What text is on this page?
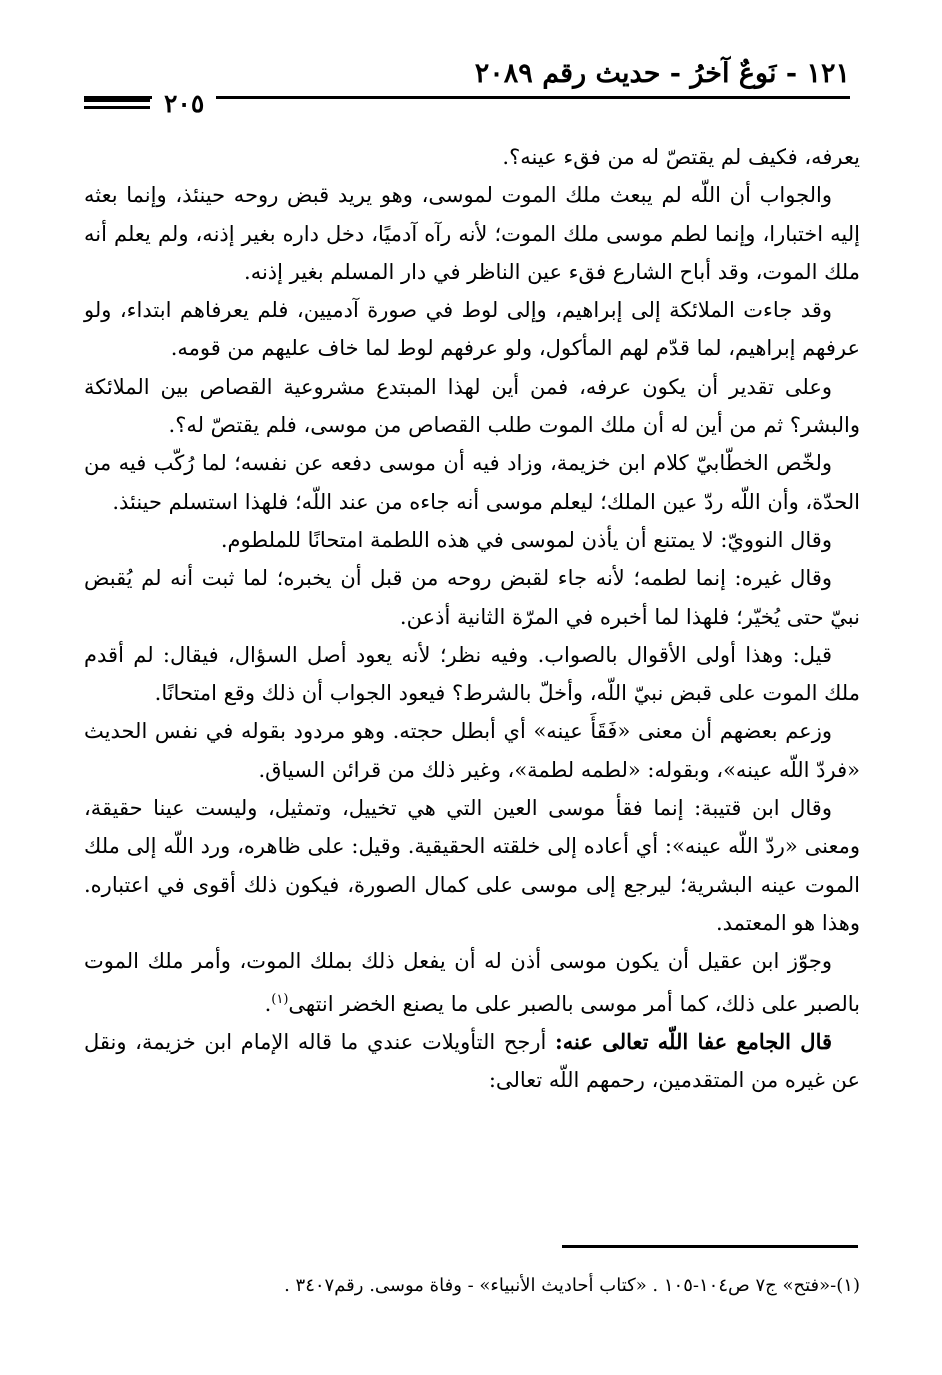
١٢١ - نَوعٌ آخرُ - حديث رقم ٢٠٨٩
٢٠٥

يعرفه، فكيف لم يقتصّ له من فقء عينه؟.

والجواب أن اللّه لم يبعث ملك الموت لموسى، وهو يريد قبض روحه حينئذ، وإنما بعثه إليه اختبارا، وإنما لطم موسى ملك الموت؛ لأنه رآه آدميًا، دخل داره بغير إذنه، ولم يعلم أنه ملك الموت، وقد أباح الشارع فقء عين الناظر في دار المسلم بغير إذنه.

وقد جاءت الملائكة إلى إبراهيم، وإلى لوط في صورة آدميين، فلم يعرفاهم ابتداء، ولو عرفهم إبراهيم، لما قدّم لهم المأكول، ولو عرفهم لوط لما خاف عليهم من قومه.

وعلى تقدير أن يكون عرفه، فمن أين لهذا المبتدع مشروعية القصاص بين الملائكة والبشر؟ ثم من أين له أن ملك الموت طلب القصاص من موسى، فلم يقتصّ له؟.

ولخّص الخطّابيّ كلام ابن خزيمة، وزاد فيه أن موسى دفعه عن نفسه؛ لما رُكّب فيه من الحدّة، وأن اللّه ردّ عين الملك؛ ليعلم موسى أنه جاءه من عند اللّه؛ فلهذا استسلم حينئذ.

وقال النوويّ: لا يمتنع أن يأذن لموسى في هذه اللطمة امتحانًا للملطوم.

وقال غيره: إنما لطمه؛ لأنه جاء لقبض روحه من قبل أن يخبره؛ لما ثبت أنه لم يُقبض نبيّ حتى يُخيّر؛ فلهذا لما أخبره في المرّة الثانية أذعن.

قيل: وهذا أولى الأقوال بالصواب. وفيه نظر؛ لأنه يعود أصل السؤال، فيقال: لم أقدم ملك الموت على قبض نبيّ اللّه، وأخلّ بالشرط؟ فيعود الجواب أن ذلك وقع امتحانًا.

وزعم بعضهم أن معنى «فَقَأَ عينه» أي أبطل حجته. وهو مردود بقوله في نفس الحديث «فردّ اللّه عينه»، وبقوله: «لطمه لطمة»، وغير ذلك من قرائن السياق.

وقال ابن قتيبة: إنما فقأ موسى العين التي هي تخييل، وتمثيل، وليست عينا حقيقة، ومعنى «ردّ اللّه عينه»: أي أعاده إلى خلقته الحقيقية. وقيل: على ظاهره، ورد اللّه إلى ملك الموت عينه البشرية؛ ليرجع إلى موسى على كمال الصورة، فيكون ذلك أقوى في اعتباره. وهذا هو المعتمد.

وجوّز ابن عقيل أن يكون موسى أذن له أن يفعل ذلك بملك الموت، وأمر ملك الموت بالصبر على ذلك، كما أمر موسى بالصبر على ما يصنع الخضر انتهى$^{(١)}$.

قال الجامع عفا اللّه تعالى عنه: أرجح التأويلات عندي ما قاله الإمام ابن خزيمة، ونقل عن غيره من المتقدمين، رحمهم اللّه تعالى:

(١)-«فتح» ج٧ ص١٠٤-١٠٥ . «كتاب أحاديث الأنبياء» - وفاة موسى. رقم٣٤٠٧ .
